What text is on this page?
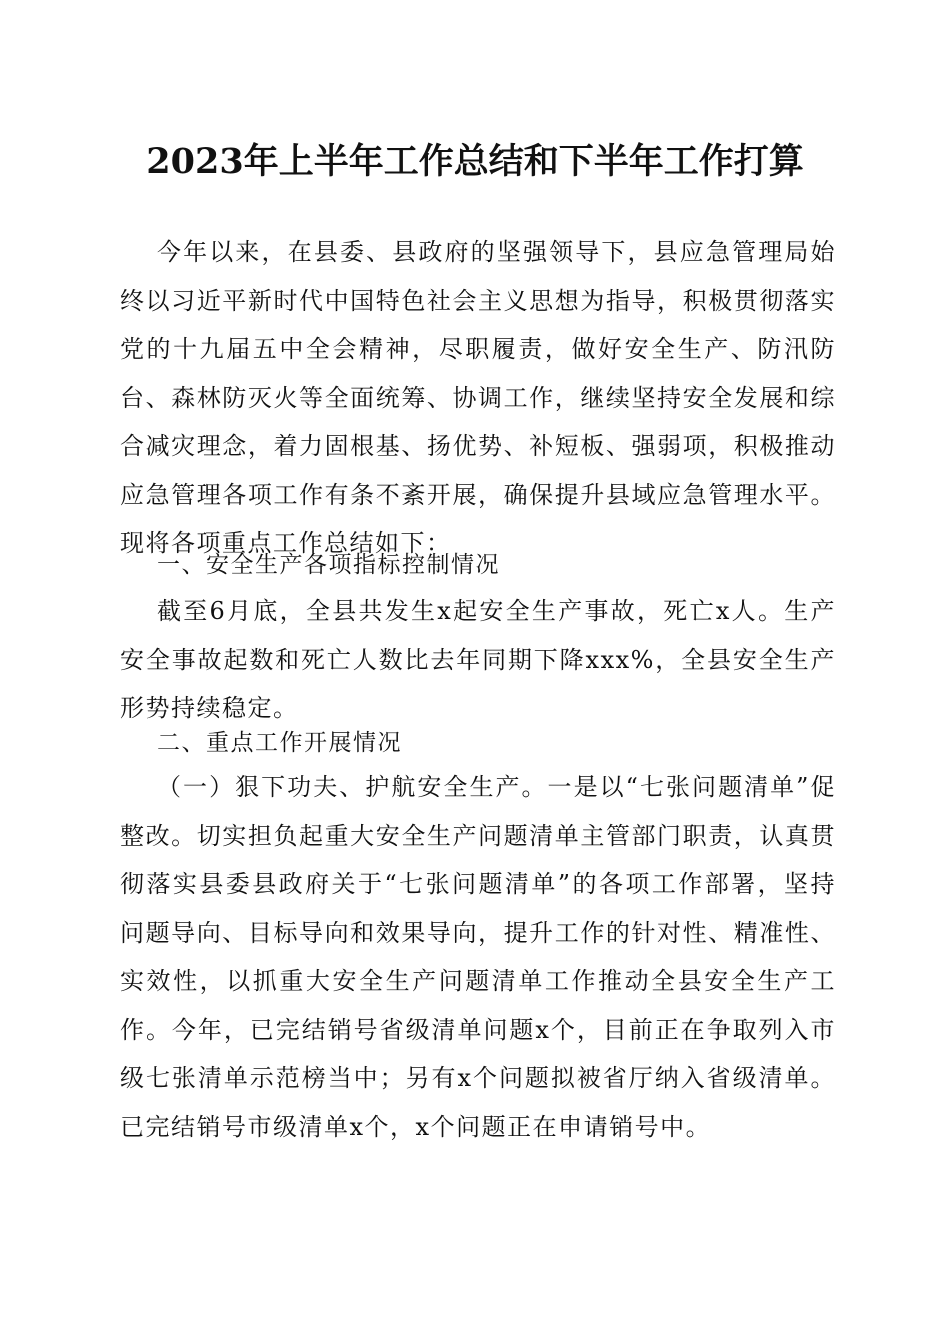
2023年上半年工作总结和下半年工作打算

今年以来，在县委、县政府的坚强领导下，县应急管理局始终以习近平新时代中国特色社会主义思想为指导，积极贯彻落实党的十九届五中全会精神，尽职履责，做好安全生产、防汛防台、森林防灭火等全面统筹、协调工作，继续坚持安全发展和综合减灾理念，着力固根基、扬优势、补短板、强弱项，积极推动应急管理各项工作有条不紊开展，确保提升县域应急管理水平。现将各项重点工作总结如下：

一、安全生产各项指标控制情况

截至6月底，全县共发生x起安全生产事故，死亡x人。生产安全事故起数和死亡人数比去年同期下降xxx%，全县安全生产形势持续稳定。

二、重点工作开展情况

（一）狠下功夫、护航安全生产。一是以“七张问题清单”促整改。切实担负起重大安全生产问题清单主管部门职责，认真贯彻落实县委县政府关于“七张问题清单”的各项工作部署，坚持问题导向、目标导向和效果导向，提升工作的针对性、精准性、实效性，以抓重大安全生产问题清单工作推动全县安全生产工作。今年，已完结销号省级清单问题x个，目前正在争取列入市级七张清单示范榜当中；另有x个问题拟被省厅纳入省级清单。已完结销号市级清单x个，x个问题正在申请销号中。
